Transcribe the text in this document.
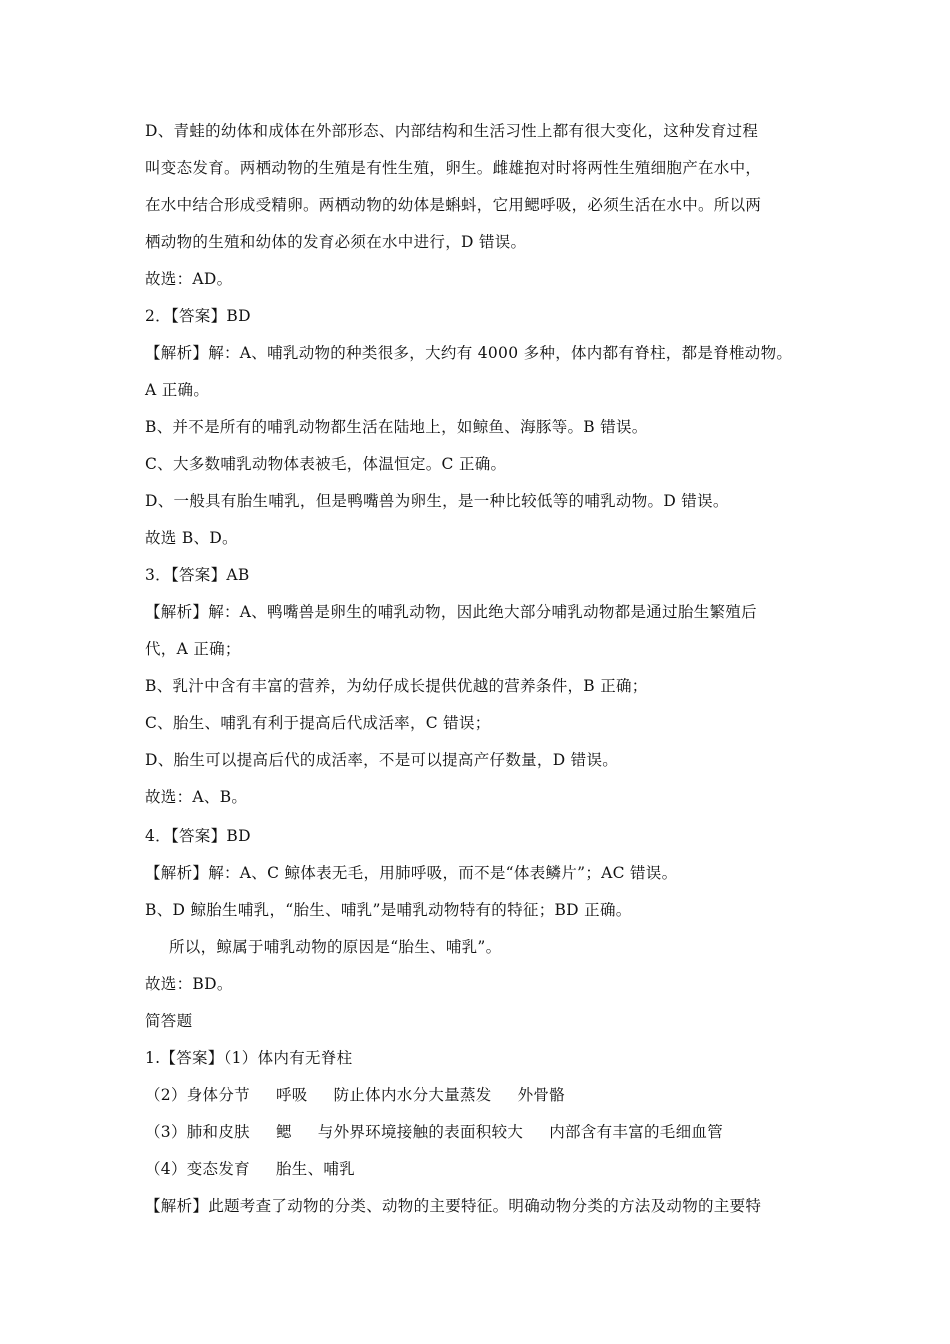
D、青蛙的幼体和成体在外部形态、内部结构和生活习性上都有很大变化，这种发育过程
叫变态发育。两栖动物的生殖是有性生殖，卵生。雌雄抱对时将两性生殖细胞产在水中，
在水中结合形成受精卵。两栖动物的幼体是蝌蚪，它用鳃呼吸，必须生活在水中。所以两
栖动物的生殖和幼体的发育必须在水中进行，D 错误。
故选：AD。
2．【答案】BD
【解析】解：A、哺乳动物的种类很多，大约有 4000 多种，体内都有脊柱，都是脊椎动物。
A 正确。
B、并不是所有的哺乳动物都生活在陆地上，如鲸鱼、海豚等。B 错误。
C、大多数哺乳动物体表被毛，体温恒定。C 正确。
D、一般具有胎生哺乳，但是鸭嘴兽为卵生，是一种比较低等的哺乳动物。D 错误。
故选 B、D。
3．【答案】AB
【解析】解：A、鸭嘴兽是卵生的哺乳动物，因此绝大部分哺乳动物都是通过胎生繁殖后
代，A 正确；
B、乳汁中含有丰富的营养，为幼仔成长提供优越的营养条件，B 正确；
C、胎生、哺乳有利于提高后代成活率，C 错误；
D、胎生可以提高后代的成活率，不是可以提高产仔数量，D 错误。
故选：A、B。
4．【答案】BD
【解析】解：A、C 鲸体表无毛，用肺呼吸，而不是“体表鳞片”；AC 错误。
B、D 鲸胎生哺乳，“胎生、哺乳”是哺乳动物特有的特征；BD 正确。
所以，鲸属于哺乳动物的原因是“胎生、哺乳”。
故选：BD。
简答题
1.【答案】（1）体内有无脊柱
（2）身体分节 呼吸 防止体内水分大量蒸发 外骨骼
（3）肺和皮肤 鳃 与外界环境接触的表面积较大 内部含有丰富的毛细血管
（4）变态发育 胎生、哺乳
【解析】此题考查了动物的分类、动物的主要特征。明确动物分类的方法及动物的主要特
